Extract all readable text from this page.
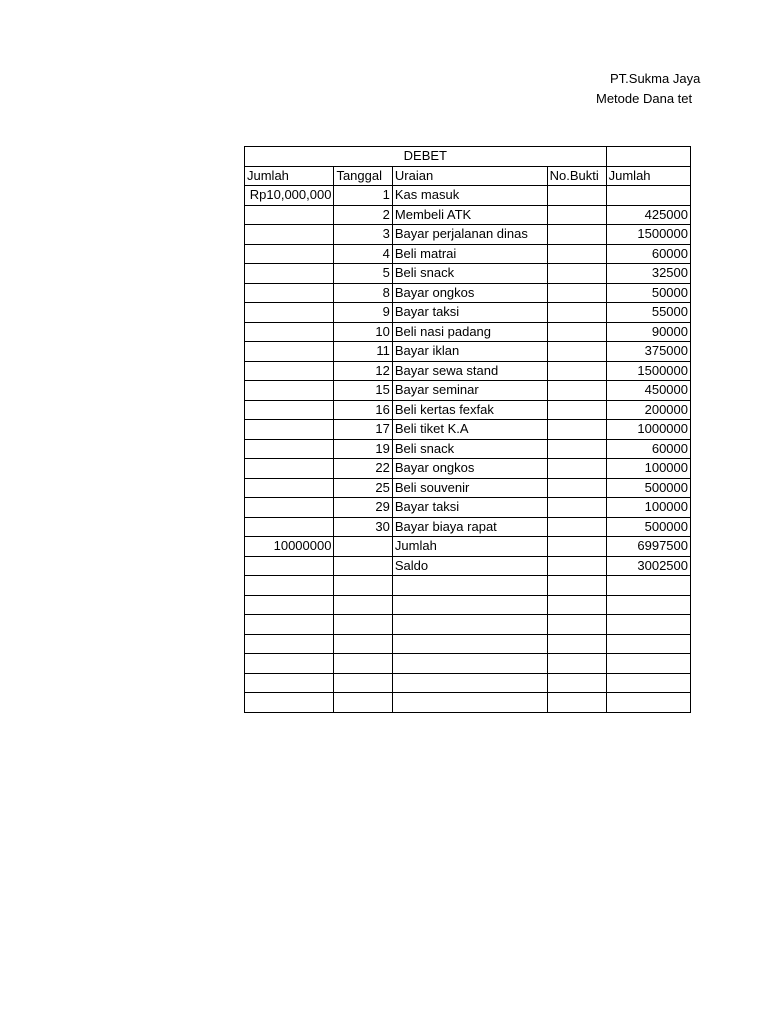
PT.Sukma Jaya
Metode Dana tet
DEBET				
Jumlah	Tanggal	Uraian	No.Bukti	Jumlah
Rp10,000,000	1	Kas masuk		
	2	Membeli ATK		425000
	3	Bayar perjalanan dinas		1500000
	4	Beli matrai		60000
	5	Beli snack		32500
	8	Bayar ongkos		50000
	9	Bayar taksi		55000
	10	Beli nasi padang		90000
	11	Bayar iklan		375000
	12	Bayar sewa stand		1500000
	15	Bayar seminar		450000
	16	Beli kertas fexfak		200000
	17	Beli tiket K.A		1000000
	19	Beli snack		60000
	22	Bayar ongkos		100000
	25	Beli souvenir		500000
	29	Bayar taksi		100000
	30	Bayar biaya rapat		500000
10000000		Jumlah		6997500
		Saldo		3002500
